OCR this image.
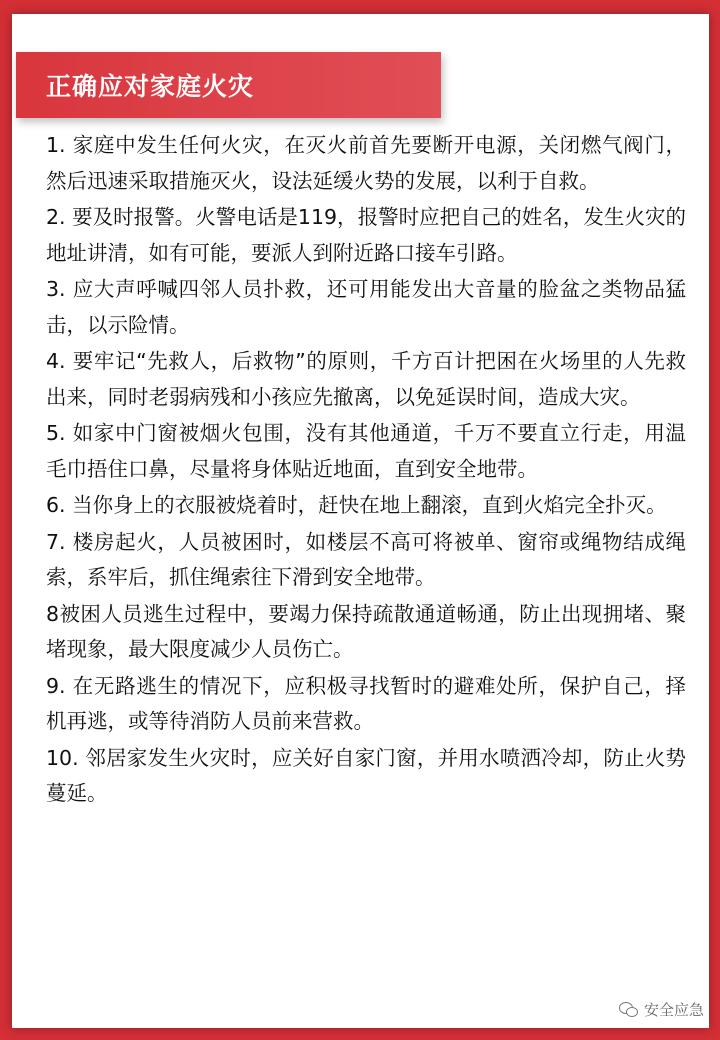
正确应对家庭火灾

1. 家庭中发生任何火灾，在灭火前首先要断开电源，关闭燃气阀门，然后迅速采取措施灭火，设法延缓火势的发展，以利于自救。

2. 要及时报警。火警电话是119，报警时应把自己的姓名，发生火灾的地址讲清，如有可能，要派人到附近路口接车引路。

3. 应大声呼喊四邻人员扑救，还可用能发出大音量的脸盆之类物品猛击，以示险情。

4. 要牢记“先救人，后救物”的原则，千方百计把困在火场里的人先救出来，同时老弱病残和小孩应先撤离，以免延误时间，造成大灾。

5. 如家中门窗被烟火包围，没有其他通道，千万不要直立行走，用温毛巾捂住口鼻，尽量将身体贴近地面，直到安全地带。

6. 当你身上的衣服被烧着时，赶快在地上翻滚，直到火焰完全扑灭。

7. 楼房起火，人员被困时，如楼层不高可将被单、窗帘或绳物结成绳索，系牢后，抓住绳索往下滑到安全地带。

8被困人员逃生过程中，要竭力保持疏散通道畅通，防止出现拥堵、聚堵现象，最大限度减少人员伤亡。

9. 在无路逃生的情况下，应积极寻找暂时的避难处所，保护自己，择机再逃，或等待消防人员前来营救。

10. 邻居家发生火灾时，应关好自家门窗，并用水喷洒冷却，防止火势蔓延。

安全应急
